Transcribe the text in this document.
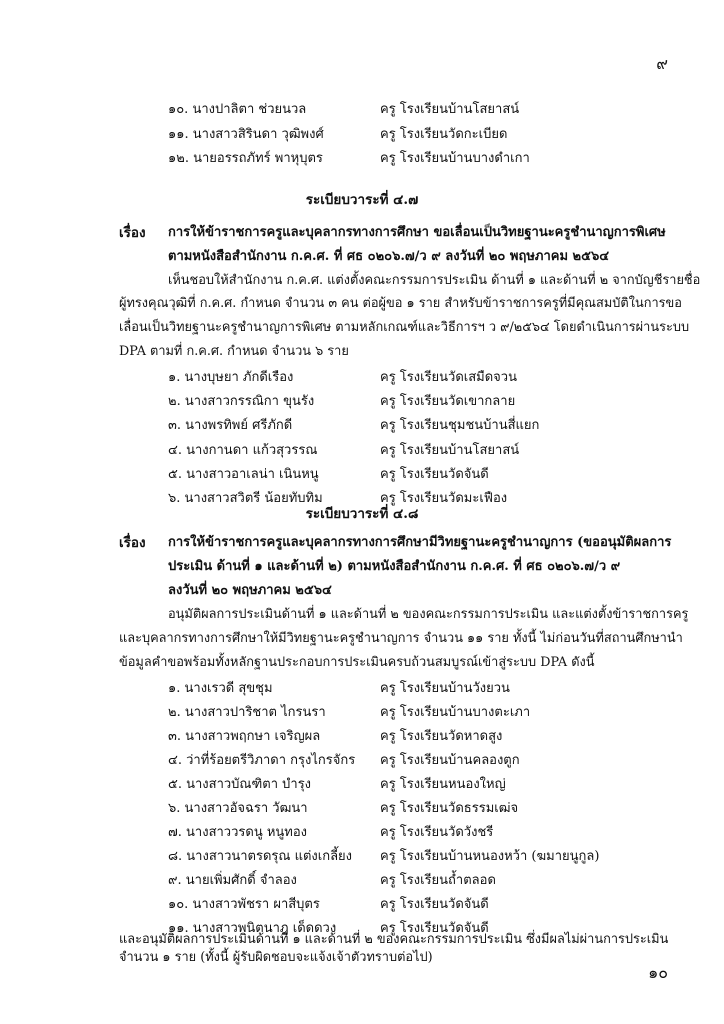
๙
๑๐. นางปาลิตา ช่วยนวล	ครู โรงเรียนบ้านโสยาสน์
๑๑. นางสาวสิรินดา วุฒิพงศ์	ครู โรงเรียนวัดกะเบียด
๑๒. นายอรรถภัทร์ พาหุบุตร	ครู โรงเรียนบ้านบางดำเกา
ระเบียบวาระที่ ๔.๗
เรื่อง การให้ข้าราชการครูและบุคลากรทางการศึกษา ขอเลื่อนเป็นวิทยฐานะครูชำนาญการพิเศษ
ตามหนังสือสำนักงาน ก.ค.ศ. ที่ ศธ ๐๒๐๖.๗/ว ๙ ลงวันที่ ๒๐ พฤษภาคม ๒๕๖๔
เห็นชอบให้สำนักงาน ก.ค.ศ. แต่งตั้งคณะกรรมการประเมิน ด้านที่ ๑ และด้านที่ ๒ จากบัญชีรายชื่อ
ผู้ทรงคุณวุฒิที่ ก.ค.ศ. กำหนด จำนวน ๓ คน ต่อผู้ขอ ๑ ราย สำหรับข้าราชการครูที่มีคุณสมบัติในการขอ
เลื่อนเป็นวิทยฐานะครูชำนาญการพิเศษ ตามหลักเกณฑ์และวิธีการฯ ว ๙/๒๕๖๔ โดยดำเนินการผ่านระบบ
DPA ตามที่ ก.ค.ศ. กำหนด จำนวน ๖ ราย
๑. นางบุษยา ภักดีเรือง	ครู โรงเรียนวัดเสมืดจวน
๒. นางสาวกรรณิกา ขุนรัง	ครู โรงเรียนวัดเขากลาย
๓. นางพรทิพย์ ศรีภักดี	ครู โรงเรียนชุมชนบ้านสี่แยก
๔. นางกานดา แก้วสุวรรณ	ครู โรงเรียนบ้านโสยาสน์
๕. นางสาวอาเลน่า เนินหนู	ครู โรงเรียนวัดจันดี
๖. นางสาวสวิตรี น้อยทับทิม	ครู โรงเรียนวัดมะเฟือง
ระเบียบวาระที่ ๔.๘
เรื่อง การให้ข้าราชการครูและบุคลากรทางการศึกษามีวิทยฐานะครูชำนาญการ (ขออนุมัติผลการ
ประเมิน ด้านที่ ๑ และด้านที่ ๒) ตามหนังสือสำนักงาน ก.ค.ศ. ที่ ศธ ๐๒๐๖.๗/ว ๙
ลงวันที่ ๒๐ พฤษภาคม ๒๕๖๔
อนุมัติผลการประเมินด้านที่ ๑ และด้านที่ ๒ ของคณะกรรมการประเมิน และแต่งตั้งข้าราชการครู
และบุคลากรทางการศึกษาให้มีวิทยฐานะครูชำนาญการ จำนวน ๑๑ ราย ทั้งนี้ ไม่ก่อนวันที่สถานศึกษานำ
ข้อมูลคำขอพร้อมทั้งหลักฐานประกอบการประเมินครบถ้วนสมบูรณ์เข้าสู่ระบบ DPA ดังนี้
๑. นางเรวดี สุขชุม	ครู โรงเรียนบ้านวังยวน
๒. นางสาวปาริชาต ไกรนรา	ครู โรงเรียนบ้านบางตะเภา
๓. นางสาวพฤกษา เจริญผล	ครู โรงเรียนวัดหาดสูง
๔. ว่าที่ร้อยตรีวิภาดา กรุงไกรจักร ครู โรงเรียนบ้านคลองตูก
๕. นางสาวบัณฑิตา บำรุง	ครู โรงเรียนหนองใหญ่
๖. นางสาวอัจฉรา วัฒนา	ครู โรงเรียนวัดธรรมเฒ่จ
๗. นางสาววรดนู หนูทอง	ครู โรงเรียนวัดวังชรี
๘. นางสาวนาตรดรุณ แต่งเกลี้ยง ครู โรงเรียนบ้านหนองหว้า (ฆมายนูกูล)
๙. นายเพิ่มศักดิ์ จำลอง	ครู โรงเรียนถ้ำตลอด
๑๐. นางสาวพัชรา ผาสีบุตร	ครู โรงเรียนวัดจันดี
๑๑. นางสาวพนิตนาฎ เด็ดดวง	ครู โรงเรียนวัดจันดี
และอนุมัติผลการประเมินด้านที่ ๑ และด้านที่ ๒ ของคณะกรรมการประเมิน ซึ่งมีผลไม่ผ่านการประเมิน
จำนวน ๑ ราย (ทั้งนี้ ผู้รับผิดชอบจะแจ้งเจ้าตัวทราบต่อไป)
๑๐
